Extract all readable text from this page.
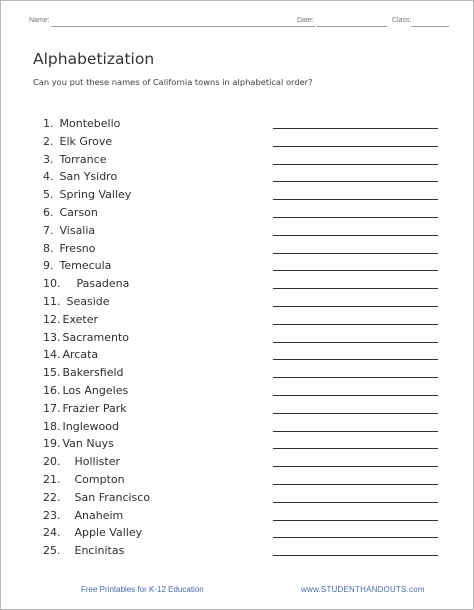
Name:	Date:	Class:
Alphabetization
Can you put these names of California towns in alphabetical order?
1. Montebello
2. Elk Grove
3. Torrance
4. San Ysidro
5. Spring Valley
6. Carson
7. Visalia
8. Fresno
9. Temecula
10. Pasadena
11. Seaside
12. Exeter
13. Sacramento
14. Arcata
15. Bakersfield
16. Los Angeles
17. Frazier Park
18. Inglewood
19. Van Nuys
20. Hollister
21. Compton
22. San Francisco
23. Anaheim
24. Apple Valley
25. Encinitas
Free Printables for K-12 Education	www.STUDENTHANDOUTS.com
